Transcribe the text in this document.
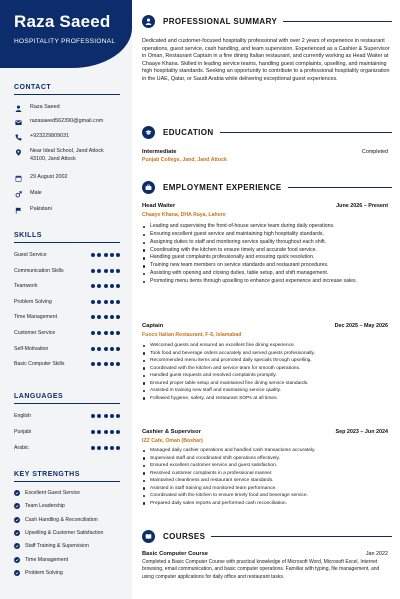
Raza Saeed
HOSPITALITY PROFESSIONAL
CONTACT
Raza Saeed
razasaeed562390@gmail.com
+923229809031
Near Ideal School, Jand Attock 43100, Jand Attock
29 August 2002
Male
Pakistani
SKILLS
Guest Service
Communication Skills
Teamwork
Problem Solving
Time Management
Customer Service
Self-Motivation
Basic Computer Skills
LANGUAGES
English
Punjabi
Arabic
KEY STRENGTHS
Excellent Guest Service
Team Leadership
Cash Handling & Reconciliation
Upselling & Customer Satisfaction
Staff Training & Supervision
Time Management
Problem Solving
PROFESSIONAL SUMMARY
Dedicated and customer-focused hospitality professional with over 2 years of experience in restaurant operations, guest service, cash handling, and team supervision. Experienced as a Cashier & Supervisor in Oman, Restaurant Captain in a fine dining Italian restaurant, and currently working as Head Waiter at Chaaye Khana. Skilled in leading service teams, handling guest complaints, upselling, and maintaining high hospitality standards. Seeking an opportunity to contribute to a professional hospitality organization in the UAE, Qatar, or Saudi Arabia while delivering exceptional guest experiences.
EDUCATION
Intermediate	Completed
Punjab College, Jand, Jand Attock
EMPLOYMENT EXPERIENCE
Head Waiter	June 2026 – Present
Chaaye Khana, DHA Raya, Lahore
Leading and supervising the front-of-house service team during daily operations.
Ensuring excellent guest service and maintaining high hospitality standards.
Assigning duties to staff and monitoring service quality throughout each shift.
Coordinating with the kitchen to ensure timely and accurate food service.
Handling guest complaints professionally and ensuring quick resolution.
Training new team members on service standards and restaurant procedures.
Assisting with opening and closing duties, table setup, and shift management.
Promoting menu items through upselling to enhance guest experience and increase sales.
Captain	Dec 2025 – May 2026
Fuoco Italian Restaurant, F-6, Islamabad
Welcomed guests and ensured an excellent fine dining experience.
Took food and beverage orders accurately and served guests professionally.
Recommended menu items and promoted daily specials through upselling.
Coordinated with the kitchen and service team for smooth operations.
Handled guest requests and resolved complaints promptly.
Ensured proper table setup and maintained fine dining service standards.
Assisted in training new staff and maintaining service quality.
Followed hygiene, safety, and restaurant SOPs at all times.
Cashier & Supervisor	Sep 2023 – Jun 2024
IZZ Cafe, Oman (Boshar)
Managed daily cashier operations and handled cash transactions accurately.
Supervised staff and coordinated shift operations effectively.
Ensured excellent customer service and guest satisfaction.
Resolved customer complaints in a professional manner.
Maintained cleanliness and restaurant service standards.
Assisted in staff training and monitored team performance.
Coordinated with the kitchen to ensure timely food and beverage service.
Prepared daily sales reports and performed cash reconciliation.
COURSES
Basic Computer Course	Jan 2022
Completed a Basic Computer Course with practical knowledge of Microsoft Word, Microsoft Excel, Internet browsing, email communication, and basic computer operations. Familiar with typing, file management, and using computer applications for daily office and restaurant tasks.
